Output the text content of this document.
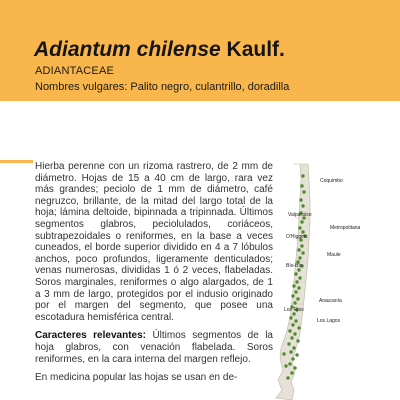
Adiantum chilense Kaulf.
ADIANTACEAE
Nombres vulgares: Palito negro, culantrillo, doradilla

Hierba perenne con un rizoma rastrero, de 2 mm de diámetro. Hojas de 15 a 40 cm de largo, rara vez más grandes; peciolo de 1 mm de diámetro, café negruzco, brillante, de la mitad del largo total de la hoja; lámina deltoide, bipinnada a tripinnada. Últimos segmentos glabros, peciolulados, coriáceos, subtrapezoidales o reniformes, en la base a veces cuneados, el borde superior dividido en 4 a 7 lóbulos anchos, poco profundos, ligeramente denticulados; venas numerosas, divididas 1 ó 2 veces, flabeladas. Soros marginales, reniformes o algo alargados, de 1 a 3 mm de largo, protegidos por el indusio originado por el margen del segmento, que posee una escotadura hemisférica central.

Caracteres relevantes: Últimos segmentos de la hoja glabros, con venación flabelada. Soros reniformes, en la cara interna del margen reflejo.

En medicina popular las hojas se usan en de-

Coquimbo
Valparaíso
Metropolitana
O'Higgins
Maule
Bío-Bío
Araucanía
Los Ríos
Los Lagos
